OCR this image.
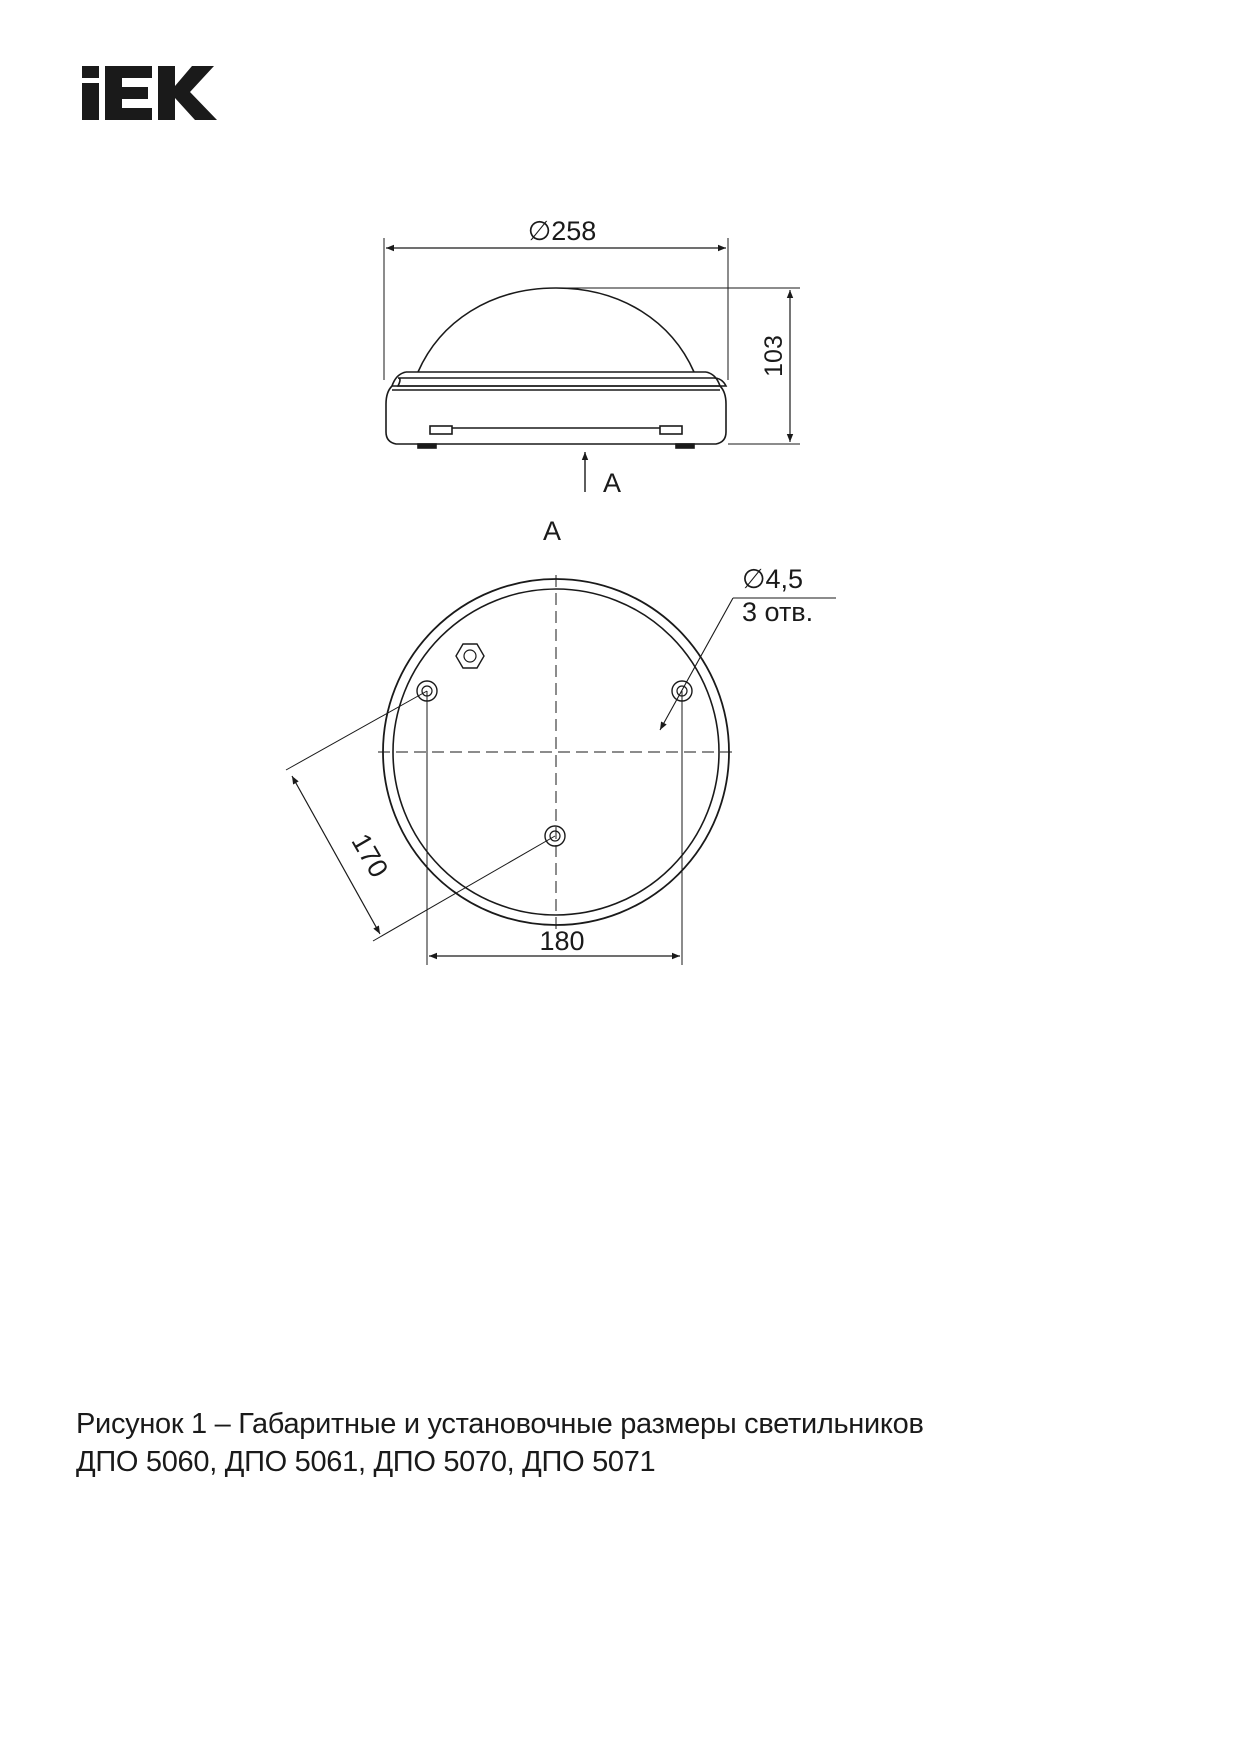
∅258
103
A
A
∅4,5
3 отв.
170
180
Рисунок 1 – Габаритные и установочные размеры светильников
ДПО 5060, ДПО 5061, ДПО 5070, ДПО 5071
